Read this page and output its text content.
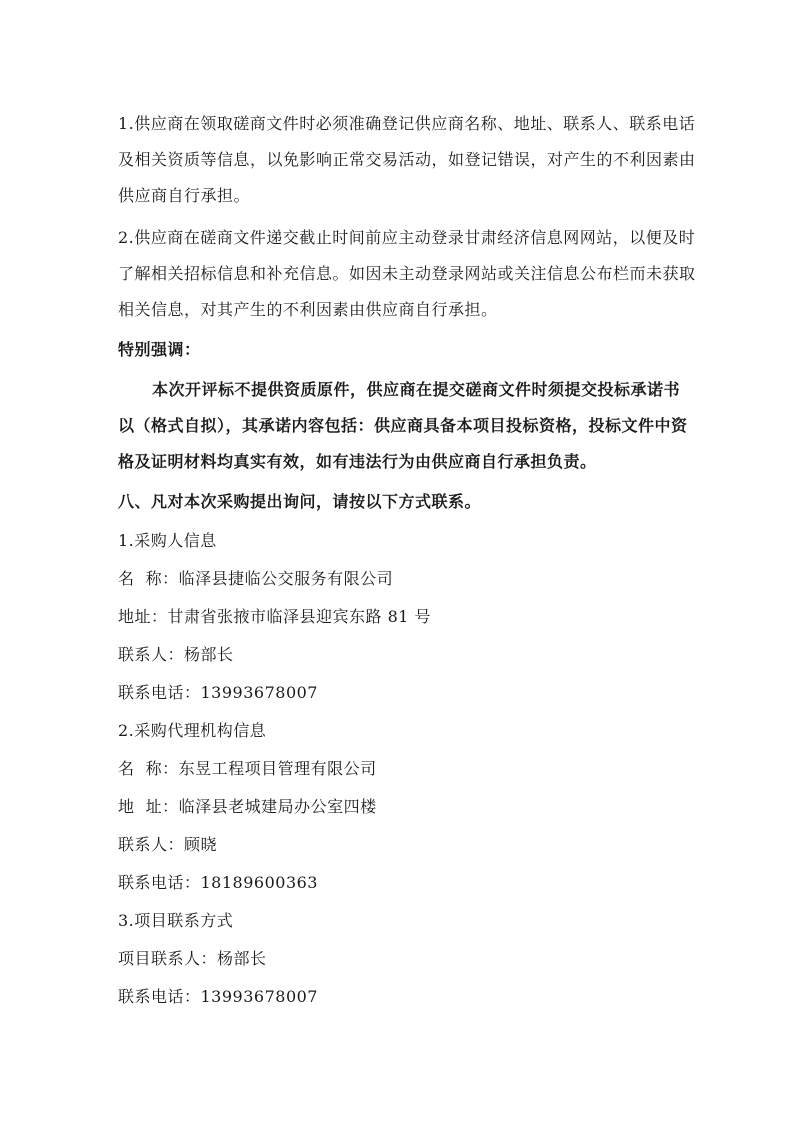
1.供应商在领取磋商文件时必须准确登记供应商名称、地址、联系人、联系电话
及相关资质等信息，以免影响正常交易活动，如登记错误，对产生的不利因素由
供应商自行承担。
2.供应商在磋商文件递交截止时间前应主动登录甘肃经济信息网网站，以便及时
了解相关招标信息和补充信息。如因未主动登录网站或关注信息公布栏而未获取
相关信息，对其产生的不利因素由供应商自行承担。
特别强调：
本次开评标不提供资质原件，供应商在提交磋商文件时须提交投标承诺书
以（格式自拟），其承诺内容包括：供应商具备本项目投标资格，投标文件中资
格及证明材料均真实有效，如有违法行为由供应商自行承担负责。
八、凡对本次采购提出询问，请按以下方式联系。

1.采购人信息

名  称：临泽县捷临公交服务有限公司

地址：甘肃省张掖市临泽县迎宾东路 81 号

联系人：杨部长

联系电话：13993678007

2.采购代理机构信息

名  称：东昱工程项目管理有限公司

地  址：临泽县老城建局办公室四楼

联系人：顾晓

联系电话：18189600363

3.项目联系方式

项目联系人：杨部长

联系电话：13993678007
